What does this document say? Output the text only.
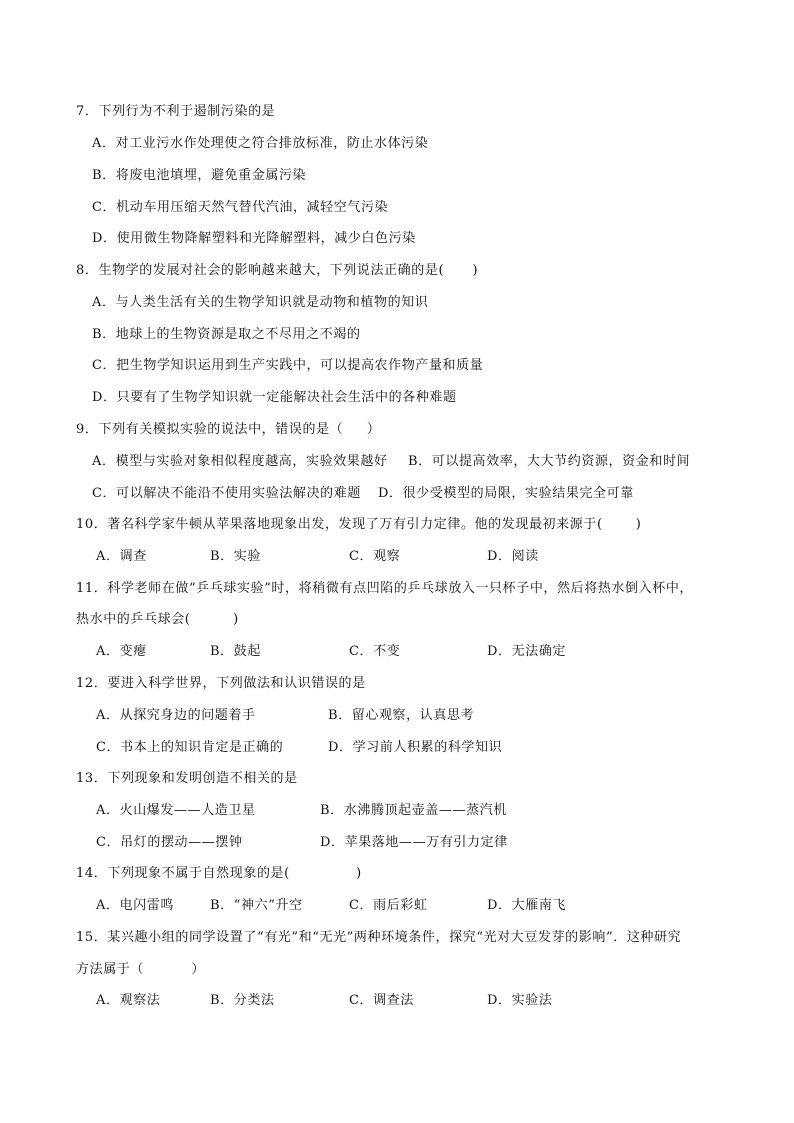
7．下列行为不利于遏制污染的是
A．对工业污水作处理使之符合排放标准，防止水体污染
B．将废电池填埋，避免重金属污染
C．机动车用压缩天然气替代汽油，减轻空气污染
D．使用微生物降解塑料和光降解塑料，减少白色污染
8．生物学的发展对社会的影响越来越大，下列说法正确的是(      )
A．与人类生活有关的生物学知识就是动物和植物的知识
B．地球上的生物资源是取之不尽用之不竭的
C．把生物学知识运用到生产实践中，可以提高农作物产量和质量
D．只要有了生物学知识就一定能解决社会生活中的各种难题
9．下列有关模拟实验的说法中，错误的是（     ）
A．模型与实验对象相似程度越高，实验效果越好 B．可以提高效率，大大节约资源，资金和时间
C．可以解决不能沿不使用实验法解决的难题 D．很少受模型的局限，实验结果完全可靠
10．著名科学家牛顿从苹果落地现象出发，发现了万有引力定律。他的发现最初来源于(       )
A．调查	B．实验	C．观察	D．阅读
11．科学老师在做“乒乓球实验”时，将稍微有点凹陷的乒乓球放入一只杯子中，然后将热水倒入杯中，
热水中的乒乓球会(         )
A．变瘪	B．鼓起	C．不变	D．无法确定
12．要进入科学世界，下列做法和认识错误的是
A．从探究身边的问题着手	B．留心观察，认真思考
C．书本上的知识肯定是正确的	D．学习前人积累的科学知识
13．下列现象和发明创造不相关的是
A．火山爆发——人造卫星	B．水沸腾顶起壶盖——蒸汽机
C．吊灯的摆动——摆钟	D．苹果落地——万有引力定律
14．下列现象不属于自然现象的是(              )
A．电闪雷鸣	B．“神六”升空	C．雨后彩虹	D．大雁南飞
15．某兴趣小组的同学设置了“有光”和“无光”两种环境条件，探究“光对大豆发芽的影响”．这种研究
方法属于（          ）
A．观察法	B．分类法	C．调查法	D．实验法
